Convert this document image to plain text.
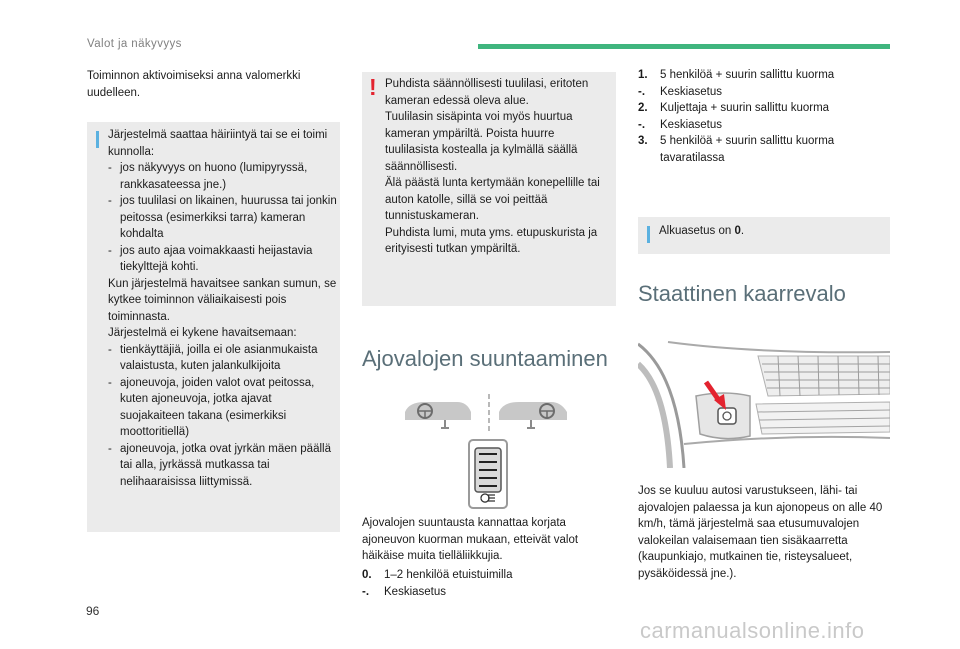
Valot ja näkyvyys
Toiminnon aktivoimiseksi anna valomerkki uudelleen.
Järjestelmä saattaa häiriintyä tai se ei toimi kunnolla:
- jos näkyvyys on huono (lumipyryssä, rankkasateessa jne.)
- jos tuulilasi on likainen, huurussa tai jonkin peitossa (esimerkiksi tarra) kameran kohdalta
- jos auto ajaa voimakkaasti heijastavia tiekylttejä kohti.
Kun järjestelmä havaitsee sankan sumun, se kytkee toiminnon väliaikaisesti pois toiminnasta.
Järjestelmä ei kykene havaitsemaan:
- tienkäyttäjiä, joilla ei ole asianmukaista valaistusta, kuten jalankulkijoita
- ajoneuvoja, joiden valot ovat peitossa, kuten ajoneuvoja, jotka ajavat suojakaiteen takana (esimerkiksi moottoritiellä)
- ajoneuvoja, jotka ovat jyrkän mäen päällä tai alla, jyrkässä mutkassa tai nelihaaraisissa liittymissä.
! Puhdista säännöllisesti tuulilasi, eritoten kameran edessä oleva alue.
Tuulilasin sisäpinta voi myös huurtua kameran ympäriltä. Poista huurre tuulilasista kostealla ja kylmällä säällä säännöllisesti.
Älä päästä lunta kertymään konepellille tai auton katolle, sillä se voi peittää tunnistuskameran.
Puhdista lumi, muta yms. etupuskurista ja erityisesti tutkan ympäriltä.
Ajovalojen suuntaaminen
Ajovalojen suuntausta kannattaa korjata ajoneuvon kuorman mukaan, etteivät valot häikäise muita tielläliikkujia.
0.	1–2 henkilöä etuistuimilla
-.	Keskiasetus
1.	5 henkilöä + suurin sallittu kuorma
-.	Keskiasetus
2.	Kuljettaja + suurin sallittu kuorma
-.	Keskiasetus
3.	5 henkilöä + suurin sallittu kuorma tavaratilassa
Alkuasetus on 0.
Staattinen kaarrevalo
Jos se kuuluu autosi varustukseen, lähi- tai ajovalojen palaessa ja kun ajonopeus on alle 40 km/h, tämä järjestelmä saa etusumuvalojen valokeilan valaisemaan tien sisäkaarretta (kaupunkiajo, mutkainen tie, risteysalueet, pysäköidessä jne.).
96
carmanualsonline.info
